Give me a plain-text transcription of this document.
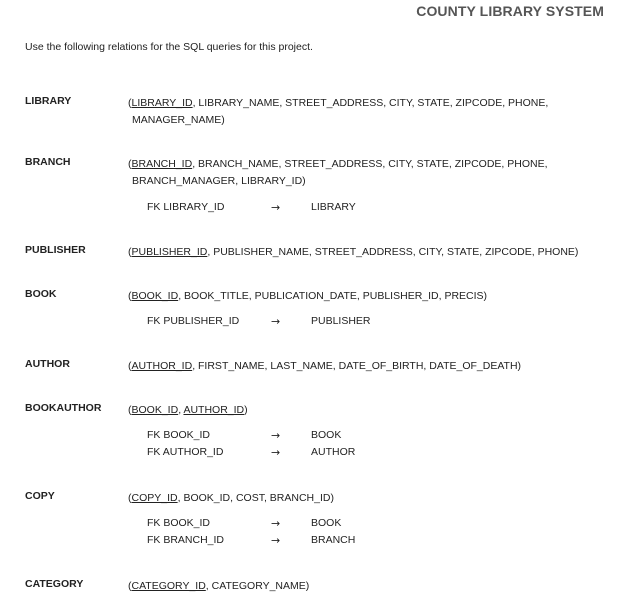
COUNTY LIBRARY SYSTEM
Use the following relations for the SQL queries for this project.
LIBRARY	(LIBRARY_ID, LIBRARY_NAME, STREET_ADDRESS, CITY, STATE, ZIPCODE, PHONE,
MANAGER_NAME)
BRANCH	(BRANCH_ID, BRANCH_NAME, STREET_ADDRESS, CITY, STATE, ZIPCODE, PHONE,
BRANCH_MANAGER, LIBRARY_ID)
FK LIBRARY_ID	→	LIBRARY
PUBLISHER	(PUBLISHER_ID, PUBLISHER_NAME, STREET_ADDRESS, CITY, STATE, ZIPCODE, PHONE)
BOOK	(BOOK_ID, BOOK_TITLE, PUBLICATION_DATE, PUBLISHER_ID, PRECIS)
FK PUBLISHER_ID	→	PUBLISHER
AUTHOR	(AUTHOR_ID, FIRST_NAME, LAST_NAME, DATE_OF_BIRTH, DATE_OF_DEATH)
BOOKAUTHOR	(BOOK_ID, AUTHOR_ID)
FK BOOK_ID	→	BOOK
FK AUTHOR_ID	→	AUTHOR
COPY	(COPY_ID, BOOK_ID, COST, BRANCH_ID)
FK BOOK_ID	→	BOOK
FK BRANCH_ID	→	BRANCH
CATEGORY	(CATEGORY_ID, CATEGORY_NAME)
